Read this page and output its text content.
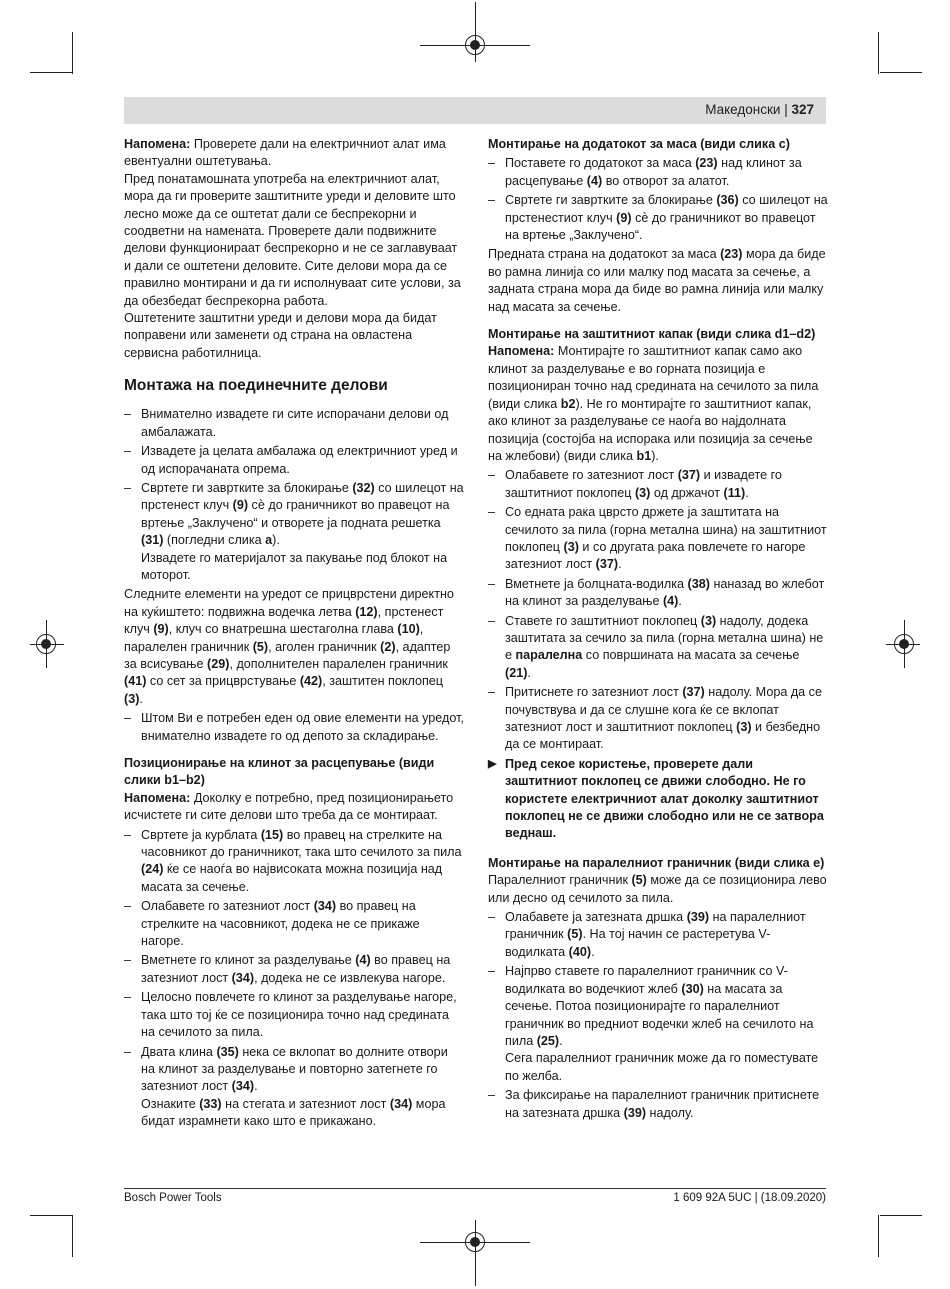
Македонски | 327

Напомена: Проверете дали на електричниот алат има евентуални оштетувања.

Пред понатамошната употреба на електричниот алат, мора да ги проверите заштитните уреди и деловите што лесно може да се оштетат дали се беспрекорни и соодветни на намената. Проверете дали подвижните делови функционираат беспрекорно и не се заглавуваат и дали се оштетени деловите. Сите делови мора да се правилно монтирани и да ги исполнуваат сите услови, за да обезбедат беспрекорна работа.

Оштетените заштитни уреди и делови мора да бидат поправени или заменети од страна на овластена сервисна работилница.

Монтажа на поединечните делови
– Внимателно извадете ги сите испорачани делови од амбалажата.
– Извадете ја целата амбалажа од електричниот уред и од испорачаната опрема.
– Свртете ги завртките за блокирање (32) со шилецот на прстенест клуч (9) сѐ до граничникот во правецот на вртење „Заклучено“ и отворете ја подната решетка (31) (погледни слика a).
Извадете го материјалот за пакување под блокот на моторот.

Следните елементи на уредот се прицврстени директно на куќиштето: подвижна водечка летва (12), прстенест клуч (9), клуч со внатрешна шестаголна глава (10), паралелен граничник (5), аголен граничник (2), адаптер за всисување (29), дополнителен паралелен граничник (41) со сет за прицврстување (42), заштитен поклопец (3).

– Штом Ви е потребен еден од овие елементи на уредот, внимателно извадете го од депото за складирање.

Позиционирање на клинот за расцепување (види слики b1–b2)

Напомена: Доколку е потребно, пред позиционирањето исчистете ги сите делови што треба да се монтираат.

– Свртете ја курблата (15) во правец на стрелките на часовникот до граничникот, така што сечилото за пила (24) ќе се наоѓа во највисоката можна позиција над масата за сечење.
– Олабавете го затезниот лост (34) во правец на стрелките на часовникот, додека не се прикаже нагоре.
– Вметнете го клинот за разделување (4) во правец на затезниот лост (34), додека не се извлекува нагоре.
– Целосно повлечете го клинот за разделување нагоре, така што тој ќе се позиционира точно над средината на сечилото за пила.
– Двата клина (35) нека се вклопат во долните отвори на клинот за разделување и повторно затегнете го затезниот лост (34).
Ознаките (33) на стегата и затезниот лост (34) мора бидат израмнети како што е прикажано.

Монтирање на додатокот за маса (види слика c)

– Поставете го додатокот за маса (23) над клинот за расцепување (4) во отворот за алатот.
– Свртете ги завртките за блокирање (36) со шилецот на прстенестиот клуч (9) сѐ до граничникот во правецот на вртење „Заклучено“.

Предната страна на додатокот за маса (23) мора да биде во рамна линија со или малку под масата за сечење, а задната страна мора да биде во рамна линија или малку над масата за сечење.

Монтирање на заштитниот капак (види слика d1–d2)

Напомена: Монтирајте го заштитниот капак само ако клинот за разделување е во горната позиција е позициониран точно над средината на сечилото за пила (види слика b2). Не го монтирајте го заштитниот капак, ако клинот за разделување се наоѓа во најдолната позиција (состојба на испорака или позиција за сечење на жлебови) (види слика b1).

– Олабавете го затезниот лост (37) и извадете го заштитниот поклопец (3) од држачот (11).
– Со едната рака цврсто држете ја заштитата на сечилото за пила (горна метална шина) на заштитниот поклопец (3) и со другата рака повлечете го нагоре затезниот лост (37).
– Вметнете ја болцната-водилка (38) наназад во жлебот на клинот за разделување (4).
– Ставете го заштитниот поклопец (3) надолу, додека заштитата за сечило за пила (горна метална шина) не е паралелна со површината на масата за сечење (21).
– Притиснете го затезниот лост (37) надолу. Мора да се почувствува и да се слушне кога ќе се вклопат затезниот лост и заштитниот поклопец (3) и безбедно да се монтираат.

▶ Пред секое користење, проверете дали заштитниот поклопец се движи слободно. Не го користете електричниот алат доколку заштитниот поклопец не се движи слободно или не се затвора веднаш.

Монтирање на паралелниот граничник (види слика e)

Паралелниот граничник (5) може да се позиционира лево или десно од сечилото за пила.

– Олабавете ја затезната дршка (39) на паралелниот граничник (5). На тој начин се растеретува V-водилката (40).
– Најпрво ставете го паралелниот граничник со V-водилката во водечкиот жлеб (30) на масата за сечење. Потоа позиционирајте го паралелниот граничник во предниот водечки жлеб на сечилото на пила (25).
Сега паралелниот граничник може да го поместувате по желба.
– За фиксирање на паралелниот граничник притиснете на затезната дршка (39) надолу.
Bosch Power Tools	1 609 92A 5UC | (18.09.2020)
